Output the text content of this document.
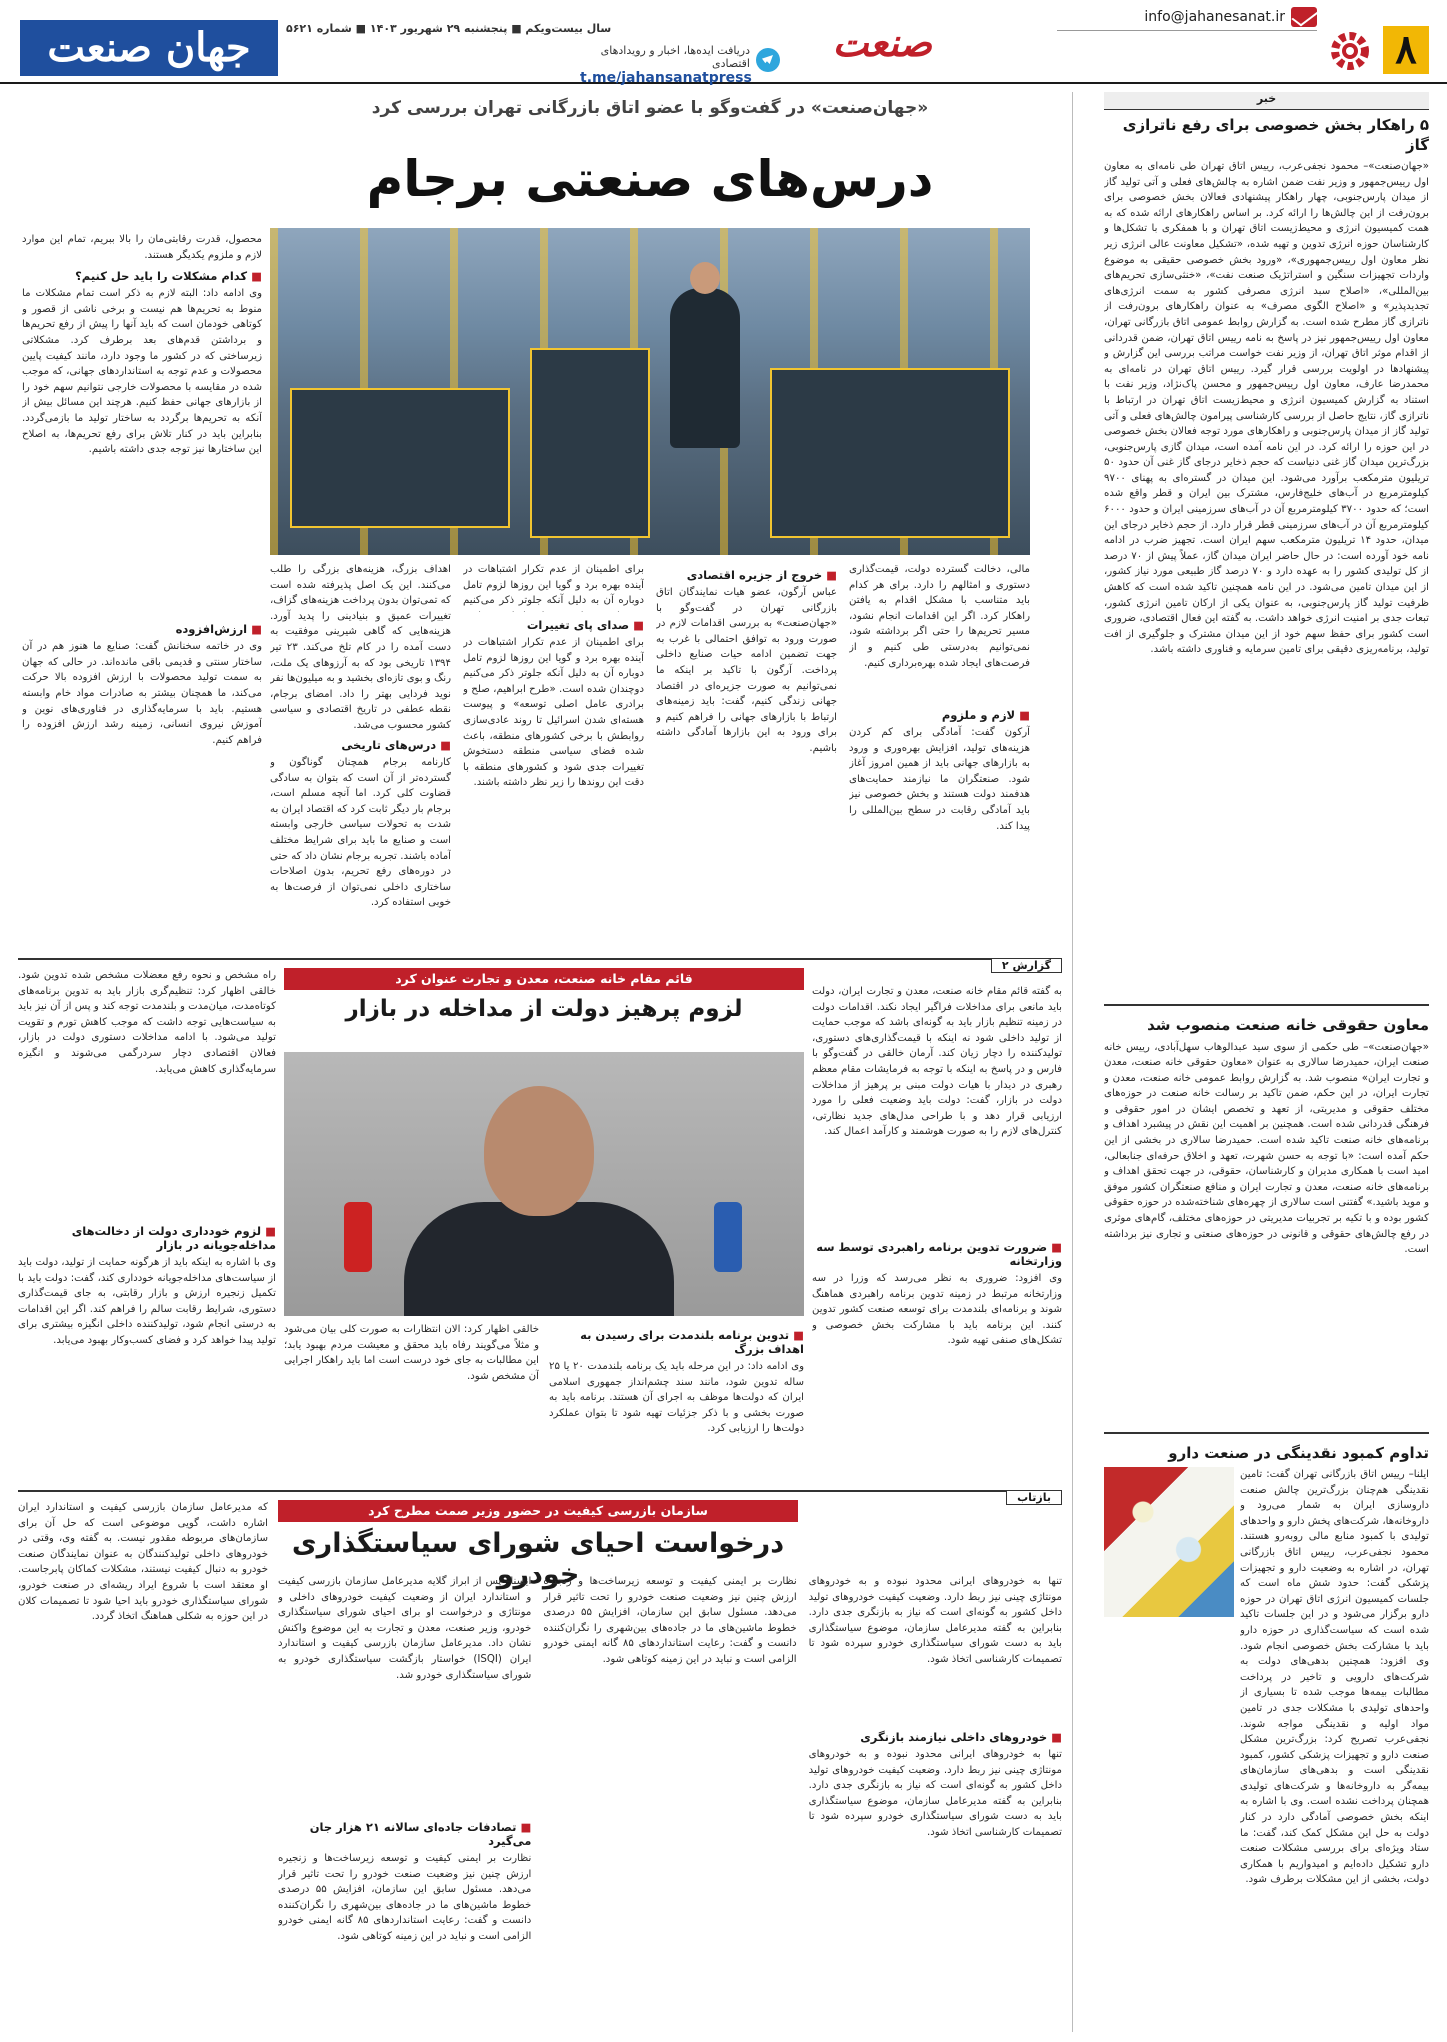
۸
info@jahanesanat.ir
صنعت
دریافت ایده‌ها، اخبار و رویدادهای اقتصادی
t.me/jahansanatpress
سال بیست‌ویکم ■ پنجشنبه ۲۹ شهریور ۱۴۰۳ ■ شماره ۵۶۲۱
جهان صنعت
خبر
۵ راهکار بخش خصوصی برای رفع ناترازی گاز
«جهان‌صنعت»– محمود نجفی‌عرب، رییس اتاق تهران طی نامه‌ای به معاون اول رییس‌جمهور و وزیر نفت ضمن اشاره به چالش‌های فعلی و آتی تولید گاز از میدان پارس‌جنوبی، چهار راهکار پیشنهادی فعالان بخش خصوصی برای برون‌رفت از این چالش‌ها را ارائه کرد. بر اساس راهکارهای ارائه شده که به همت کمیسیون انرژی و محیط‌زیست اتاق تهران و با همفکری با تشکل‌ها و کارشناسان حوزه انرژی تدوین و تهیه شده، «تشکیل معاونت عالی انرژی زیر نظر معاون اول رییس‌جمهوری»، «ورود بخش خصوصی حقیقی به موضوع واردات تجهیزات سنگین و استراتژیک صنعت نفت»، «خنثی‌سازی تحریم‌های بین‌المللی»، «اصلاح سبد انرژی مصرفی کشور به سمت انرژی‌های تجدیدپذیر» و «اصلاح الگوی مصرف» به عنوان راهکارهای برون‌رفت از ناترازی گاز مطرح شده است. به گزارش روابط عمومی اتاق بازرگانی تهران، معاون اول رییس‌جمهور نیز در پاسخ به نامه رییس اتاق تهران، ضمن قدردانی از اقدام موثر اتاق تهران، از وزیر نفت خواست مراتب بررسی این گزارش و پیشنهادها در اولویت بررسی قرار گیرد. رییس اتاق تهران در نامه‌ای به محمدرضا عارف، معاون اول رییس‌جمهور و محسن پاک‌نژاد، وزیر نفت با استناد به گزارش کمیسیون انرژی و محیط‌زیست اتاق تهران در ارتباط با ناترازی گاز، نتایج حاصل از بررسی کارشناسی پیرامون چالش‌های فعلی و آتی تولید گاز از میدان پارس‌جنوبی و راهکارهای مورد توجه فعالان بخش خصوصی در این حوزه را ارائه کرد. در این نامه آمده است، میدان گازی پارس‌جنوبی، بزرگ‌ترین میدان گاز غنی دنیاست که حجم ذخایر درجای گاز غنی آن حدود ۵۰ تریلیون مترمکعب برآورد می‌شود. این میدان در گستره‌ای به پهنای ۹۷۰۰ کیلومترمربع در آب‌های خلیج‌فارس، مشترک بین ایران و قطر واقع شده است؛ که حدود ۳۷۰۰ کیلومترمربع آن در آب‌های سرزمینی ایران و حدود ۶۰۰۰ کیلومترمربع آن در آب‌های سرزمینی قطر قرار دارد. از حجم ذخایر درجای این میدان، حدود ۱۴ تریلیون مترمکعب سهم ایران است. تجهیز ضرب در ادامه نامه خود آورده است: در حال حاضر ایران میدان گاز، عملاً پیش از ۷۰ درصد از کل تولیدی کشور را به عهده دارد و ۷۰ درصد گاز طبیعی مورد نیاز کشور، از این میدان تامین می‌شود. در این نامه همچنین تاکید شده است که کاهش ظرفیت تولید گاز پارس‌جنوبی، به عنوان یکی از ارکان تامین انرژی کشور، تبعات جدی بر امنیت انرژی خواهد داشت. به گفته این فعال اقتصادی، ضروری است کشور برای حفظ سهم خود از این میدان مشترک و جلوگیری از افت تولید، برنامه‌ریزی دقیقی برای تامین سرمایه و فناوری داشته باشد.
معاون حقوقی خانه صنعت منصوب شد
«جهان‌صنعت»– طی حکمی از سوی سید عبدالوهاب سهل‌آبادی، رییس خانه صنعت ایران، حمیدرضا سالاری به عنوان «معاون حقوقی خانه صنعت، معدن و تجارت ایران» منصوب شد. به گزارش روابط عمومی خانه صنعت، معدن و تجارت ایران، در این حکم، ضمن تاکید بر رسالت خانه صنعت در حوزه‌های مختلف حقوقی و مدیریتی، از تعهد و تخصص ایشان در امور حقوقی و فرهنگی قدردانی شده است. همچنین بر اهمیت این نقش در پیشبرد اهداف و برنامه‌های خانه صنعت تاکید شده است. حمیدرضا سالاری در بخشی از این حکم آمده است: «با توجه به حسن شهرت، تعهد و اخلاق حرفه‌ای جنابعالی، امید است با همکاری مدیران و کارشناسان، حقوقی، در جهت تحقق اهداف و برنامه‌های خانه صنعت، معدن و تجارت ایران و منافع صنعتگران کشور موفق و موید باشید.» گفتنی است سالاری از چهره‌های شناخته‌شده در حوزه حقوقی کشور بوده و با تکیه بر تجربیات مدیریتی در حوزه‌های مختلف، گام‌های موثری در رفع چالش‌های حقوقی و قانونی در حوزه‌های صنعتی و تجاری نیز برداشته است.
تداوم کمبود نقدینگی در صنعت دارو
ایلنا– رییس اتاق بازرگانی تهران گفت: تامین نقدینگی هم‌چنان بزرگ‌ترین چالش صنعت داروسازی ایران به شمار می‌رود و داروخانه‌ها، شرکت‌های پخش دارو و واحدهای تولیدی با کمبود منابع مالی روبه‌رو هستند. محمود نجفی‌عرب، رییس اتاق بازرگانی تهران، در اشاره به وضعیت دارو و تجهیزات پزشکی گفت: حدود شش ماه است که جلسات کمیسیون انرژی اتاق تهران در حوزه دارو برگزار می‌شود و در این جلسات تاکید شده است که سیاست‌گذاری در حوزه دارو باید با مشارکت بخش خصوصی انجام شود. وی افزود: همچنین بدهی‌های دولت به شرکت‌های دارویی و تاخیر در پرداخت مطالبات بیمه‌ها موجب شده تا بسیاری از واحدهای تولیدی با مشکلات جدی در تامین مواد اولیه و نقدینگی مواجه شوند. نجفی‌عرب تصریح کرد: بزرگ‌ترین مشکل صنعت دارو و تجهیزات پزشکی کشور، کمبود نقدینگی است و بدهی‌های سازمان‌های بیمه‌گر به داروخانه‌ها و شرکت‌های تولیدی همچنان پرداخت نشده است. وی با اشاره به اینکه بخش خصوصی آمادگی دارد در کنار دولت به حل این مشکل کمک کند، گفت: ما ستاد ویژه‌ای برای بررسی مشکلات صنعت دارو تشکیل داده‌ایم و امیدواریم با همکاری دولت، بخشی از این مشکلات برطرف شود.
«جهان‌صنعت» در گفت‌وگو با عضو اتاق بازرگانی تهران بررسی کرد
درس‌های صنعتی برجام
محصول، قدرت رقابتی‌مان را بالا ببریم، تمام این موارد لازم و ملزوم یکدیگر هستند.
■ کدام مشکلات را باید حل کنیم؟
وی ادامه داد: البته لازم به ذکر است تمام مشکلات ما منوط به تحریم‌ها هم نیست و برخی ناشی از قصور و کوتاهی خودمان است که باید آنها را پیش از رفع تحریم‌ها و برداشتن قدم‌های بعد برطرف کرد. مشکلاتی زیرساختی که در کشور ما وجود دارد، مانند کیفیت پایین محصولات و عدم توجه به استانداردهای جهانی، که موجب شده در مقایسه با محصولات خارجی نتوانیم سهم خود را از بازارهای جهانی حفظ کنیم. هرچند این مسائل بیش از آنکه به تحریم‌ها برگردد به ساختار تولید ما بازمی‌گردد. بنابراین باید در کنار تلاش برای رفع تحریم‌ها، به اصلاح این ساختارها نیز توجه جدی داشته باشیم.
■ ارزش‌افزوده
وی در خاتمه سخنانش گفت: صنایع ما هنوز هم در آن ساختار سنتی و قدیمی باقی مانده‌اند. در حالی که جهان به سمت تولید محصولات با ارزش افزوده بالا حرکت می‌کند، ما همچنان بیشتر به صادرات مواد خام وابسته هستیم. باید با سرمایه‌گذاری در فناوری‌های نوین و آموزش نیروی انسانی، زمینه رشد ارزش افزوده را فراهم کنیم.
اهداف بزرگ، هزینه‌های بزرگی را طلب می‌کنند. این یک اصل پذیرفته شده است که تمی‌توان بدون پرداخت هزینه‌های گزاف، تغییرات عمیق و بنیادینی را پدید آورد. هزینه‌هایی که گاهی شیرینی موفقیت به دست آمده را در کام تلخ می‌کند. ۲۳ تیر ۱۳۹۴ تاریخی بود که به آرزوهای یک ملت، رنگ و بوی تازه‌ای بخشید و به میلیون‌ها نفر نوید فردایی بهتر را داد. امضای برجام، نقطه عطفی در تاریخ اقتصادی و سیاسی کشور محسوب می‌شد.
■ درس‌های تاریخی
کارنامه برجام همچنان گوناگون و گسترده‌تر از آن است که بتوان به سادگی قضاوت کلی کرد. اما آنچه مسلم است، برجام بار دیگر ثابت کرد که اقتصاد ایران به شدت به تحولات سیاسی خارجی وابسته است و صنایع ما باید برای شرایط مختلف آماده باشند. تجربه برجام نشان داد که حتی در دوره‌های رفع تحریم، بدون اصلاحات ساختاری داخلی نمی‌توان از فرصت‌ها به خوبی استفاده کرد.
برای اطمینان از عدم تکرار اشتباهات در آینده بهره برد و گویا این روزها لزوم تامل دوباره آن به دلیل آنکه جلوتر ذکر می‌کنیم
■ صدای پای تغییرات
برای اطمینان از عدم تکرار اشتباهات در آینده بهره برد و گویا این روزها لزوم تامل دوباره آن به دلیل آنکه جلوتر ذکر می‌کنیم دوچندان شده است. «طرح ابراهیم، صلح و برادری عامل اصلی توسعه» و پیوست هسته‌ای شدن اسرائیل تا روند عادی‌سازی روابطش با برخی کشورهای منطقه، باعث شده فضای سیاسی منطقه دستخوش تغییرات جدی شود و کشورهای منطقه با دقت این روندها را زیر نظر داشته باشند.
■ خروج از جزیره اقتصادی
عباس آرگون، عضو هیات نمایندگان اتاق بازرگانی تهران در گفت‌وگو با «جهان‌صنعت» به بررسی اقدامات لازم در صورت ورود به توافق احتمالی با غرب به جهت تضمین ادامه حیات صنایع داخلی پرداخت. آرگون با تاکید بر اینکه ما نمی‌توانیم به صورت جزیره‌ای در اقتصاد جهانی زندگی کنیم، گفت: باید زمینه‌های ارتباط با بازارهای جهانی را فراهم کنیم و برای ورود به این بازارها آمادگی داشته باشیم.
مالی، دخالت گسترده دولت، قیمت‌گذاری دستوری و امثالهم را دارد. برای هر کدام باید متناسب با مشکل اقدام به یافتن راهکار کرد. اگر این اقدامات انجام نشود، مسیر تحریم‌ها را حتی اگر برداشته شود، نمی‌توانیم به‌درستی طی کنیم و از فرصت‌های ایجاد شده بهره‌برداری کنیم.
■ لازم و ملزوم
آرکون گفت: آمادگی برای کم کردن هزینه‌های تولید، افزایش بهره‌وری و ورود به بازارهای جهانی باید از همین امروز آغاز شود. صنعتگران ما نیازمند حمایت‌های هدفمند دولت هستند و بخش خصوصی نیز باید آمادگی رقابت در سطح بین‌المللی را پیدا کند.
گزارش ۲
قائم مقام خانه صنعت، معدن و تجارت عنوان کرد
لزوم پرهیز دولت از مداخله در بازار
راه مشخص و نحوه رفع معضلات مشخص شده تدوین شود. خالقی اظهار کرد: تنظیم‌گری بازار باید به تدوین برنامه‌های کوتاه‌مدت، میان‌مدت و بلندمدت توجه کند و پس از آن نیز باید به سیاست‌هایی توجه داشت که موجب کاهش تورم و تقویت تولید می‌شود. با ادامه مداخلات دستوری دولت در بازار، فعالان اقتصادی دچار سردرگمی می‌شوند و انگیزه سرمایه‌گذاری کاهش می‌یابد.
■ لزوم خودداری دولت از دخالت‌های مداخله‌جویانه در بازار
وی با اشاره به اینکه باید از هرگونه حمایت از تولید، دولت باید از سیاست‌های مداخله‌جویانه خودداری کند، گفت: دولت باید با تکمیل زنجیره ارزش و بازار رقابتی، به جای قیمت‌گذاری دستوری، شرایط رقابت سالم را فراهم کند. اگر این اقدامات به درستی انجام شود، تولیدکننده داخلی انگیزه بیشتری برای تولید پیدا خواهد کرد و فضای کسب‌وکار بهبود می‌یابد.
به گفته قائم مقام خانه صنعت، معدن و تجارت ایران، دولت باید مانعی برای مداخلات فراگیر ایجاد نکند. اقدامات دولت در زمینه تنظیم بازار باید به گونه‌ای باشد که موجب حمایت از تولید داخلی شود نه اینکه با قیمت‌گذاری‌های دستوری، تولیدکننده را دچار زیان کند. آرمان خالقی در گفت‌وگو با فارس و در پاسخ به اینکه با توجه به فرمایشات مقام معظم رهبری در دیدار با هیات دولت مبنی بر پرهیز از مداخلات دولت در بازار، گفت: دولت باید وضعیت فعلی را مورد ارزیابی قرار دهد و با طراحی مدل‌های جدید نظارتی، کنترل‌های لازم را به صورت هوشمند و کارآمد اعمال کند.
■ ضرورت تدوین برنامه راهبردی توسط سه وزارتخانه
وی افزود: ضروری به نظر می‌رسد که وزرا در سه وزارتخانه مرتبط در زمینه تدوین برنامه راهبردی هماهنگ شوند و برنامه‌ای بلندمدت برای توسعه صنعت کشور تدوین کنند. این برنامه باید با مشارکت بخش خصوصی و تشکل‌های صنفی تهیه شود.
خالقی اظهار کرد: الان انتظارات به صورت کلی بیان می‌شود و مثلاً می‌گویند رفاه باید محقق و معیشت مردم بهبود یابد؛ این مطالبات به جای خود درست است اما باید راهکار اجرایی آن مشخص شود.
■ تدوین برنامه بلندمدت برای رسیدن به اهداف بزرگ
وی ادامه داد: در این مرحله باید یک برنامه بلندمدت ۲۰ یا ۲۵ ساله تدوین شود، مانند سند چشم‌انداز جمهوری اسلامی ایران که دولت‌ها موظف به اجرای آن هستند. برنامه باید به صورت بخشی و با ذکر جزئیات تهیه شود تا بتوان عملکرد دولت‌ها را ارزیابی کرد.
بازتاب
سازمان بازرسی کیفیت در حضور وزیر صمت مطرح کرد
درخواست احیای شورای سیاستگذاری خودرو
که مدیرعامل سازمان بازرسی کیفیت و استاندارد ایران اشاره داشت، گویی موضوعی است که حل آن برای سازمان‌های مربوطه مقدور نیست. به گفته وی، وقتی در خودروهای داخلی تولیدکنندگان به عنوان نمایندگان صنعت خودرو به دنبال کیفیت نیستند، مشکلات کماکان پابرجاست. او معتقد است با شروع ایراد ریشه‌ای در صنعت خودرو، شورای سیاستگذاری خودرو باید احیا شود تا تصمیمات کلان در این حوزه به شکلی هماهنگ اتخاذ گردد.
ایسنا– پس از ابراز گلایه مدیرعامل سازمان بازرسی کیفیت و استاندارد ایران از وضعیت کیفیت خودروهای داخلی و مونتاژی و درخواست او برای احیای شورای سیاستگذاری خودرو، وزیر صنعت، معدن و تجارت به این موضوع واکنش نشان داد. مدیرعامل سازمان بازرسی کیفیت و استاندارد ایران (ISQI) خواستار بازگشت سیاستگذاری خودرو به شورای سیاستگذاری خودرو شد.
■ تصادفات جاده‌ای سالانه ۲۱ هزار جان می‌گیرد
نظارت بر ایمنی کیفیت و توسعه زیرساخت‌ها و زنجیره ارزش چنین نیز وضعیت صنعت خودرو را تحت تاثیر قرار می‌دهد. مسئول سابق این سازمان، افزایش ۵۵ درصدی خطوط ماشین‌های ما در جاده‌های بین‌شهری را نگران‌کننده دانست و گفت: رعایت استانداردهای ۸۵ گانه ایمنی خودرو الزامی است و نباید در این زمینه کوتاهی شود.
نظارت بر ایمنی کیفیت و توسعه زیرساخت‌ها و زنجیره ارزش چنین نیز وضعیت صنعت خودرو را تحت تاثیر قرار می‌دهد. مسئول سابق این سازمان، افزایش ۵۵ درصدی خطوط ماشین‌های ما در جاده‌های بین‌شهری را نگران‌کننده دانست و گفت: رعایت استانداردهای ۸۵ گانه ایمنی خودرو الزامی است و نباید در این زمینه کوتاهی شود.
تنها به خودروهای ایرانی محدود نبوده و به خودروهای مونتاژی چینی نیز ربط دارد. وضعیت کیفیت خودروهای تولید داخل کشور به گونه‌ای است که نیاز به بازنگری جدی دارد. بنابراین به گفته مدیرعامل سازمان، موضوع سیاستگذاری باید به دست شورای سیاستگذاری خودرو سپرده شود تا تصمیمات کارشناسی اتخاذ شود.
■ خودروهای داخلی نیازمند بازنگری
تنها به خودروهای ایرانی محدود نبوده و به خودروهای مونتاژی چینی نیز ربط دارد. وضعیت کیفیت خودروهای تولید داخل کشور به گونه‌ای است که نیاز به بازنگری جدی دارد. بنابراین به گفته مدیرعامل سازمان، موضوع سیاستگذاری باید به دست شورای سیاستگذاری خودرو سپرده شود تا تصمیمات کارشناسی اتخاذ شود.
